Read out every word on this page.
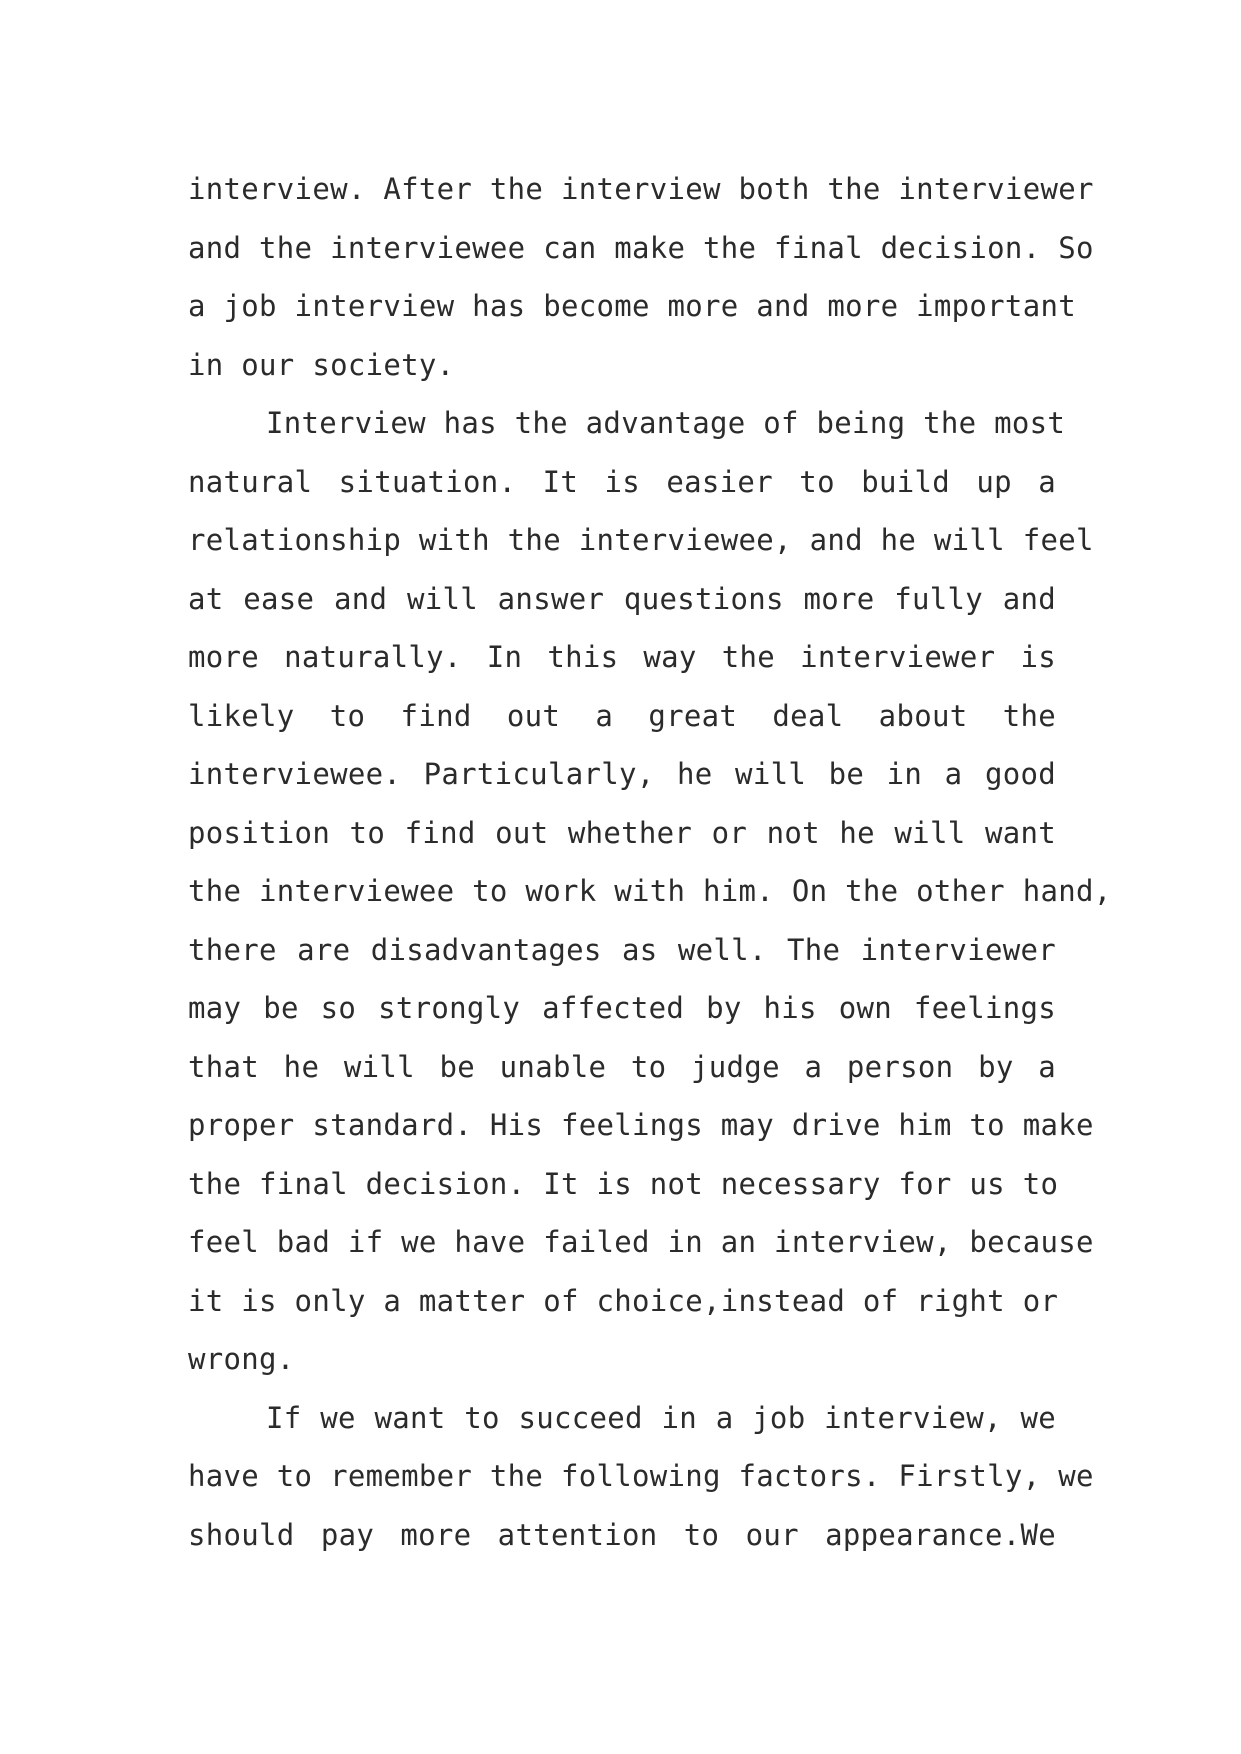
interview. After the interview both the interviewer
and the interviewee can make the final decision. So
a job interview has become more and more important
in our society.
Interview has the advantage of being the most
natural situation. It is easier to build up a
relationship with the interviewee, and he will feel
at ease and will answer questions more fully and
more naturally. In this way the interviewer is
likely to find out a great deal about the
interviewee. Particularly, he will be in a good
position to find out whether or not he will want
the interviewee to work with him. On the other hand,
there are disadvantages as well. The interviewer
may be so strongly affected by his own feelings
that he will be unable to judge a person by a
proper standard. His feelings may drive him to make
the final decision. It is not necessary for us to
feel bad if we have failed in an interview, because
it is only a matter of choice,instead of right or
wrong.
If we want to succeed in a job interview, we
have to remember the following factors. Firstly, we
should pay more attention to our appearance.We
